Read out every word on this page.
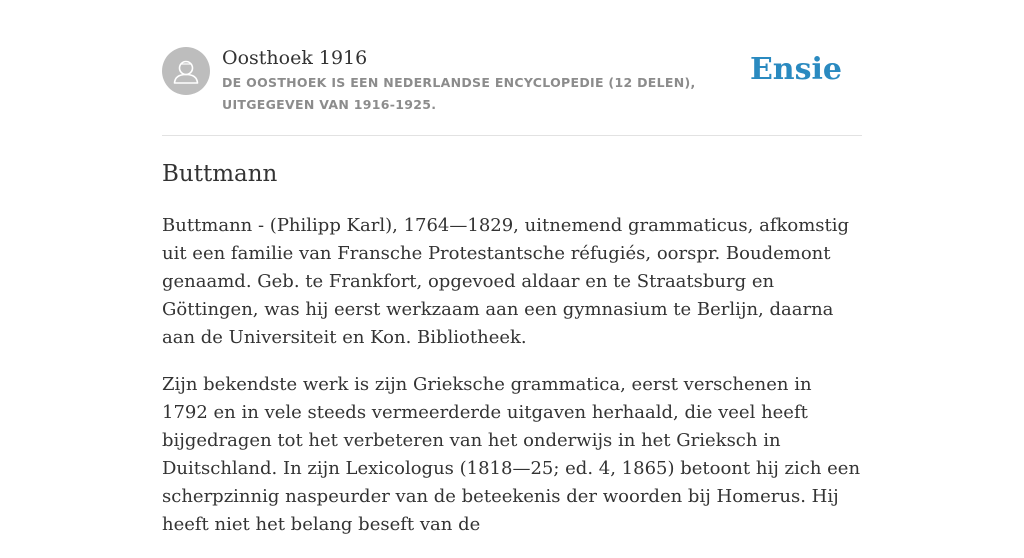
Oosthoek 1916
DE OOSTHOEK IS EEN NEDERLANDSE ENCYCLOPEDIE (12 DELEN), UITGEGEVEN VAN 1916-1925.
Ensie
Buttmann

Buttmann - (Philipp Karl), 1764—1829, uitnemend grammaticus, afkomstig uit een familie van Fransche Protestantsche réfugiés, oorspr. Boudemont genaamd. Geb. te Frankfort, opgevoed aldaar en te Straatsburg en Göttingen, was hij eerst werkzaam aan een gymnasium te Berlijn, daarna aan de Universiteit en Kon. Bibliotheek.

Zijn bekendste werk is zijn Grieksche grammatica, eerst verschenen in 1792 en in vele steeds vermeerderde uitgaven herhaald, die veel heeft bijgedragen tot het verbeteren van het onderwijs in het Grieksch in Duitschland. In zijn Lexicologus (1818—25; ed. 4, 1865) betoont hij zich een scherpzinnig naspeurder van de beteekenis der woorden bij Homerus. Hij heeft niet het belang beseft van de
